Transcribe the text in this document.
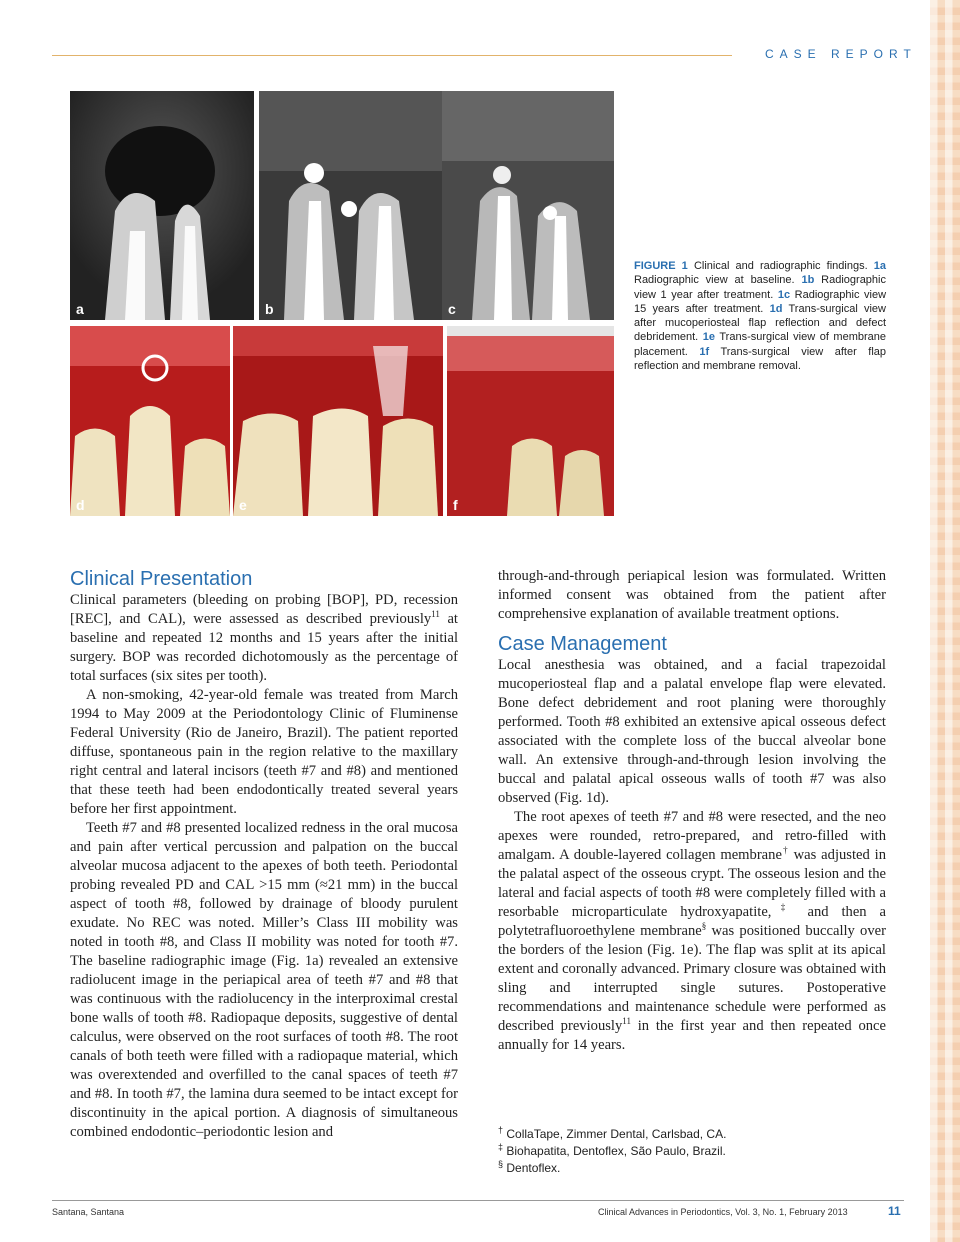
CASE REPORT
a	b	c
d	e	f
FIGURE 1 Clinical and radiographic findings. 1a Radiographic view at baseline. 1b Radiographic view 1 year after treatment. 1c Radiographic view 15 years after treatment. 1d Trans-surgical view after mucoperiosteal flap reflection and defect debridement. 1e Trans-surgical view of membrane placement. 1f Trans-surgical view after flap reflection and membrane removal.
Clinical Presentation

Clinical parameters (bleeding on probing [BOP], PD, recession [REC], and CAL), were assessed as described previously$^{11}$ at baseline and repeated 12 months and 15 years after the initial surgery. BOP was recorded dichotomously as the percentage of total surfaces (six sites per tooth).

A non-smoking, 42-year-old female was treated from March 1994 to May 2009 at the Periodontology Clinic of Fluminense Federal University (Rio de Janeiro, Brazil). The patient reported diffuse, spontaneous pain in the region relative to the maxillary right central and lateral incisors (teeth #7 and #8) and mentioned that these teeth had been endodontically treated several years before her first appointment.

Teeth #7 and #8 presented localized redness in the oral mucosa and pain after vertical percussion and palpation on the buccal alveolar mucosa adjacent to the apexes of both teeth. Periodontal probing revealed PD and CAL >15 mm (≈21 mm) in the buccal aspect of tooth #8, followed by drainage of bloody purulent exudate. No REC was noted. Miller’s Class III mobility was noted in tooth #8, and Class II mobility was noted for tooth #7. The baseline radiographic image (Fig. 1a) revealed an extensive radiolucent image in the periapical area of teeth #7 and #8 that was continuous with the radiolucency in the interproximal crestal bone walls of tooth #8. Radiopaque deposits, suggestive of dental calculus, were observed on the root surfaces of tooth #8. The root canals of both teeth were filled with a radiopaque material, which was overextended and overfilled to the canal spaces of teeth #7 and #8. In tooth #7, the lamina dura seemed to be intact except for discontinuity in the apical portion. A diagnosis of simultaneous combined endodontic–periodontic lesion and

through-and-through periapical lesion was formulated. Written informed consent was obtained from the patient after comprehensive explanation of available treatment options.

Case Management

Local anesthesia was obtained, and a facial trapezoidal mucoperiosteal flap and a palatal envelope flap were elevated. Bone defect debridement and root planing were thoroughly performed. Tooth #8 exhibited an extensive apical osseous defect associated with the complete loss of the buccal alveolar bone wall. An extensive through-and-through lesion involving the buccal and palatal apical osseous walls of tooth #7 was also observed (Fig. 1d).

The root apexes of teeth #7 and #8 were resected, and the neo apexes were rounded, retro-prepared, and retro-filled with amalgam. A double-layered collagen membrane† was adjusted in the palatal aspect of the osseous crypt. The osseous lesion and the lateral and facial aspects of tooth #8 were completely filled with a resorbable microparticulate hydroxyapatite,‡ and then a polytetrafluoroethylene membrane§ was positioned buccally over the borders of the lesion (Fig. 1e). The flap was split at its apical extent and coronally advanced. Primary closure was obtained with sling and interrupted single sutures. Postoperative recommendations and maintenance schedule were performed as described previously$^{11}$ in the first year and then repeated once annually for 14 years.

† CollaTape, Zimmer Dental, Carlsbad, CA.
‡ Biohapatita, Dentoflex, São Paulo, Brazil.
§ Dentoflex.
Santana, Santana	Clinical Advances in Periodontics, Vol. 3, No. 1, February 2013	11
